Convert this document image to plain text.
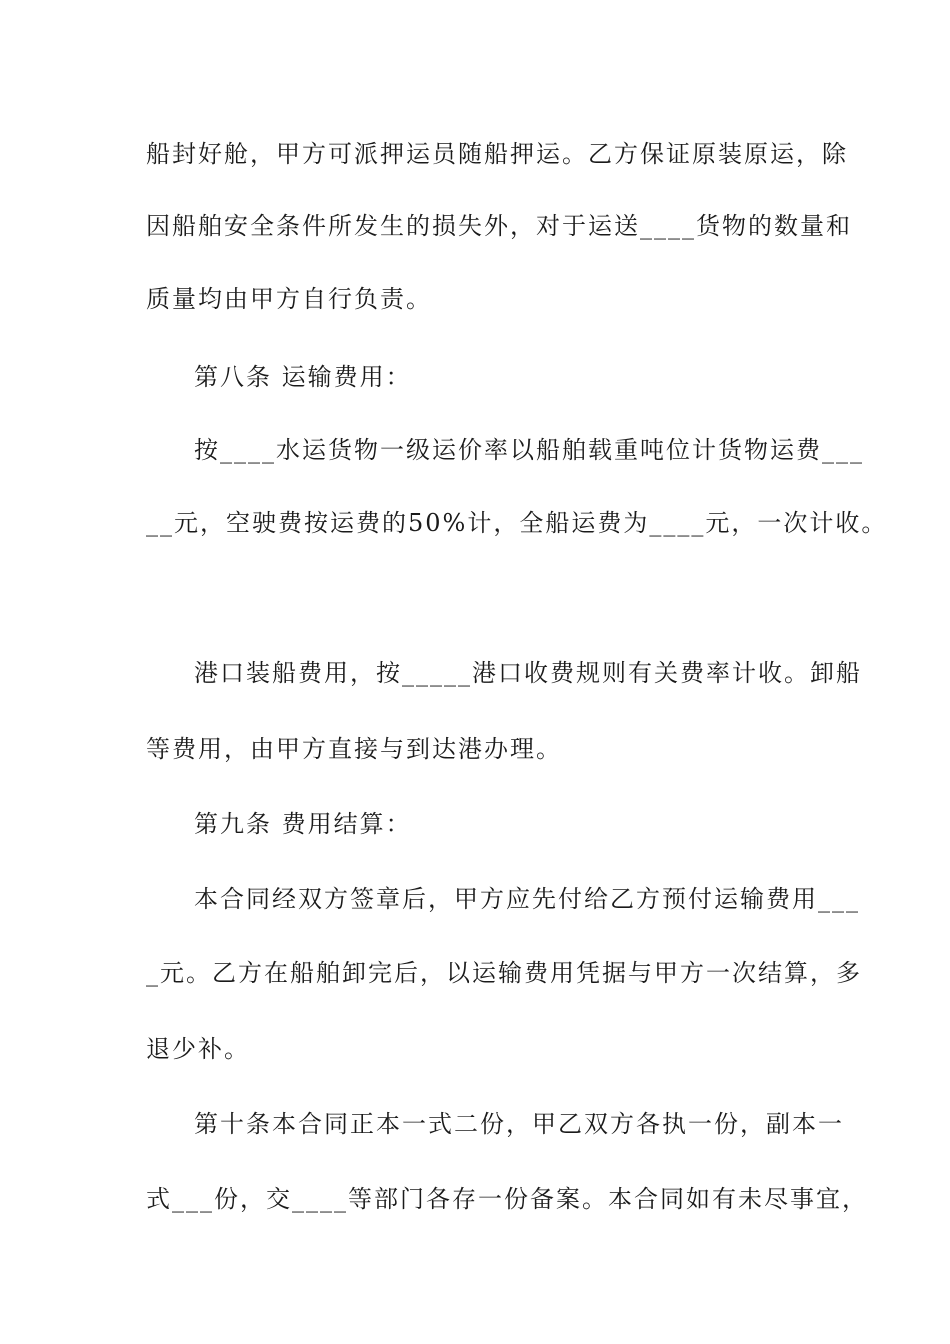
船封好舱，甲方可派押运员随船押运。乙方保证原装原运，除
因船舶安全条件所发生的损失外，对于运送____货物的数量和
质量均由甲方自行负责。
第八条 运输费用：
按____水运货物一级运价率以船舶载重吨位计货物运费___
__元，空驶费按运费的50%计，全船运费为____元，一次计收。
港口装船费用，按_____港口收费规则有关费率计收。卸船
等费用，由甲方直接与到达港办理。
第九条 费用结算：
本合同经双方签章后，甲方应先付给乙方预付运输费用___
_元。乙方在船舶卸完后，以运输费用凭据与甲方一次结算，多
退少补。
第十条本合同正本一式二份，甲乙双方各执一份，副本一
式___份，交____等部门各存一份备案。本合同如有未尽事宜，
